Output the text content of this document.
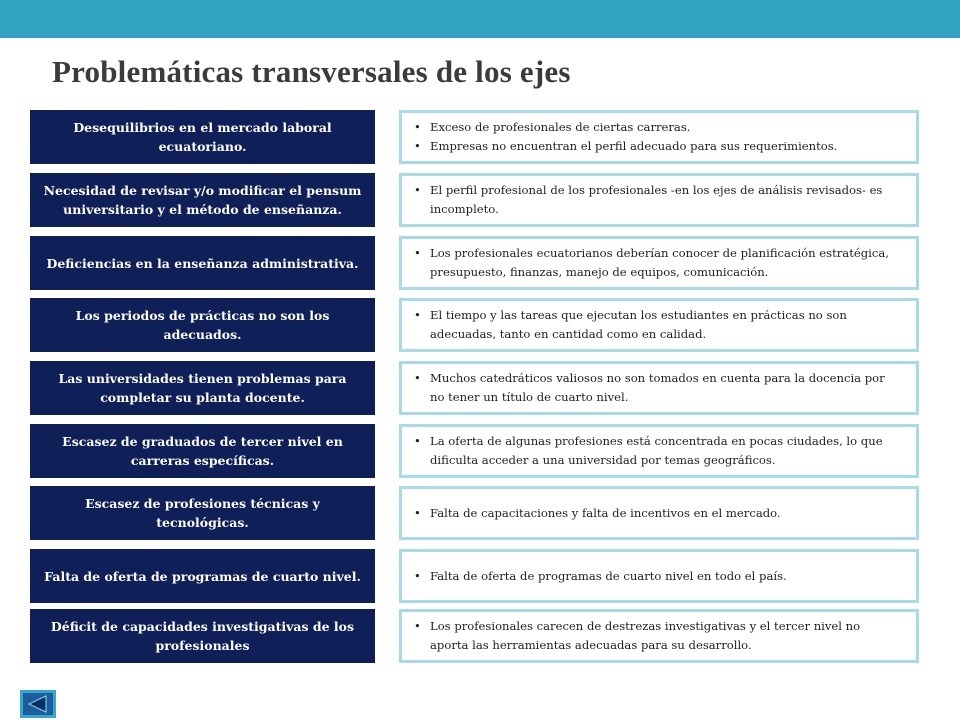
Problemáticas transversales de los ejes
Desequilibrios en el mercado laboral ecuatoriano.
• Exceso de profesionales de ciertas carreras.
• Empresas no encuentran el perfil adecuado para sus requerimientos.
Necesidad de revisar y/o modificar el pensum universitario y el método de enseñanza.
• El perfil profesional de los profesionales -en los ejes de análisis revisados- es incompleto.
Deficiencias en la enseñanza administrativa.
• Los profesionales ecuatorianos deberían conocer de planificación estratégica, presupuesto, finanzas, manejo de equipos, comunicación.
Los periodos de prácticas no son los adecuados.
• El tiempo y las tareas que ejecutan los estudiantes en prácticas no son adecuadas, tanto en cantidad como en calidad.
Las universidades tienen problemas para completar su planta docente.
• Muchos catedráticos valiosos no son tomados en cuenta para la docencia por no tener un título de cuarto nivel.
Escasez de graduados de tercer nivel en carreras específicas.
• La oferta de algunas profesiones está concentrada en pocas ciudades, lo que dificulta acceder a una universidad por temas geográficos.
Escasez de profesiones técnicas y tecnológicas.
• Falta de capacitaciones y falta de incentivos en el mercado.
Falta de oferta de programas de cuarto nivel.
•	Falta de oferta de programas de cuarto nivel en todo el país.
Déficit de capacidades investigativas de los profesionales
• Los profesionales carecen de destrezas investigativas y el tercer nivel no aporta las herramientas adecuadas para su desarrollo.
